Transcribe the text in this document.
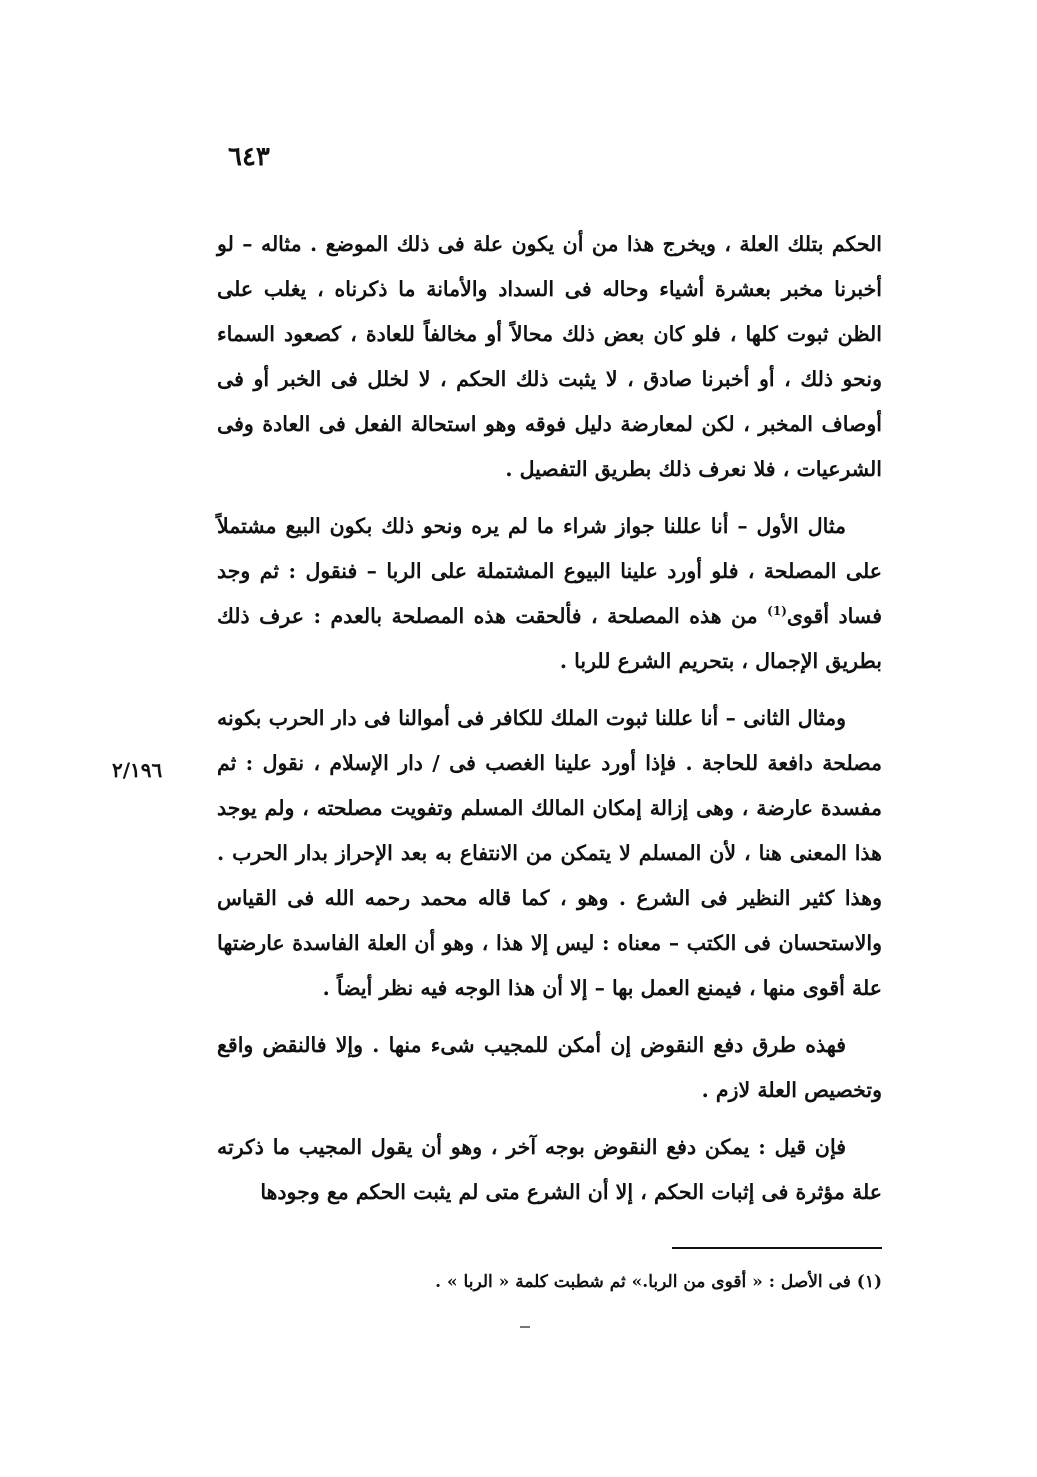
٦٤٣
٢/١٩٦

الحكم بتلك العلة ، ويخرج هذا من أن يكون علة فى ذلك الموضع . مثاله – لو أخبرنا مخبر بعشرة أشياء وحاله فى السداد والأمانة ما ذكرناه ، يغلب على الظن ثبوت كلها ، فلو كان بعض ذلك محالاً أو مخالفاً للعادة ، كصعود السماء ونحو ذلك ، أو أخبرنا صادق ، لا يثبت ذلك الحكم ، لا لخلل فى الخبر أو فى أوصاف المخبر ، لكن لمعارضة دليل فوقه وهو استحالة الفعل فى العادة وفى الشرعيات ، فلا نعرف ذلك بطريق التفصيل .

مثال الأول – أنا عللنا جواز شراء ما لم يره ونحو ذلك بكون البيع مشتملاً على المصلحة ، فلو أورد علينا البيوع المشتملة على الربا – فنقول : ثم وجد فساد أقوى$^{(1)}$ من هذه المصلحة ، فألحقت هذه المصلحة بالعدم : عرف ذلك بطريق الإجمال ، بتحريم الشرع للربا .

ومثال الثانى – أنا عللنا ثبوت الملك للكافر فى أموالنا فى دار الحرب بكونه مصلحة دافعة للحاجة . فإذا أورد علينا الغصب فى / دار الإسلام ، نقول : ثم مفسدة عارضة ، وهى إزالة إمكان المالك المسلم وتفويت مصلحته ، ولم يوجد هذا المعنى هنا ، لأن المسلم لا يتمكن من الانتفاع به بعد الإحراز بدار الحرب . وهذا كثير النظير فى الشرع . وهو ، كما قاله محمد رحمه الله فى القياس والاستحسان فى الكتب – معناه : ليس إلا هذا ، وهو أن العلة الفاسدة عارضتها علة أقوى منها ، فيمنع العمل بها – إلا أن هذا الوجه فيه نظر أيضاً .

فهذه طرق دفع النقوض إن أمكن للمجيب شىء منها . وإلا فالنقض واقع وتخصيص العلة لازم .

فإن قيل : يمكن دفع النقوض بوجه آخر ، وهو أن يقول المجيب ما ذكرته علة مؤثرة فى إثبات الحكم ، إلا أن الشرع متى لم يثبت الحكم مع وجودها

(١) فى الأصل : « أقوى من الربا.» ثم شطبت كلمة « الربا » .
